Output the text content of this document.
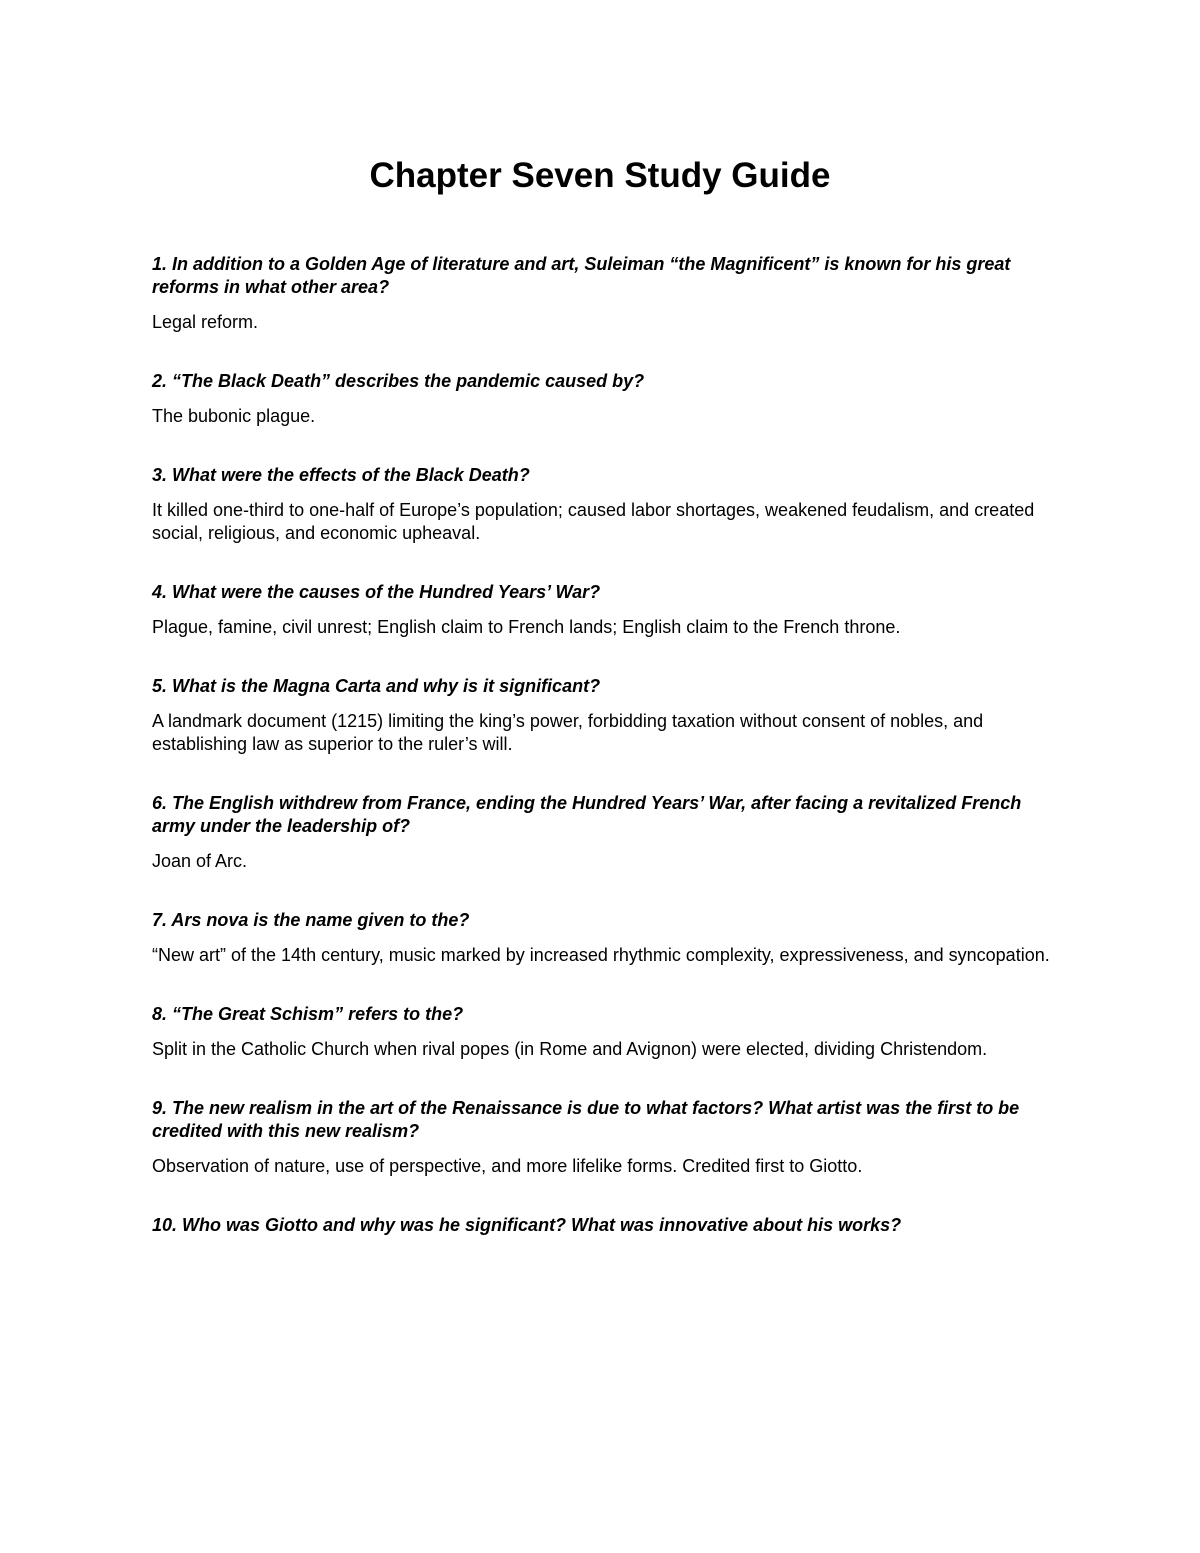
Chapter Seven Study Guide

1. In addition to a Golden Age of literature and art, Suleiman “the Magnificent” is known for his great reforms in what other area?

Legal reform.

2. “The Black Death” describes the pandemic caused by?

The bubonic plague.

3. What were the effects of the Black Death?

It killed one-third to one-half of Europe’s population; caused labor shortages, weakened feudalism, and created social, religious, and economic upheaval.

4. What were the causes of the Hundred Years’ War?

Plague, famine, civil unrest; English claim to French lands; English claim to the French throne.

5. What is the Magna Carta and why is it significant?

A landmark document (1215) limiting the king’s power, forbidding taxation without consent of nobles, and establishing law as superior to the ruler’s will.

6. The English withdrew from France, ending the Hundred Years’ War, after facing a revitalized French army under the leadership of?

Joan of Arc.

7. Ars nova is the name given to the?

“New art” of the 14th century, music marked by increased rhythmic complexity, expressiveness, and syncopation.

8. “The Great Schism” refers to the?

Split in the Catholic Church when rival popes (in Rome and Avignon) were elected, dividing Christendom.

9. The new realism in the art of the Renaissance is due to what factors? What artist was the first to be credited with this new realism?

Observation of nature, use of perspective, and more lifelike forms. Credited first to Giotto.

10. Who was Giotto and why was he significant? What was innovative about his works?
